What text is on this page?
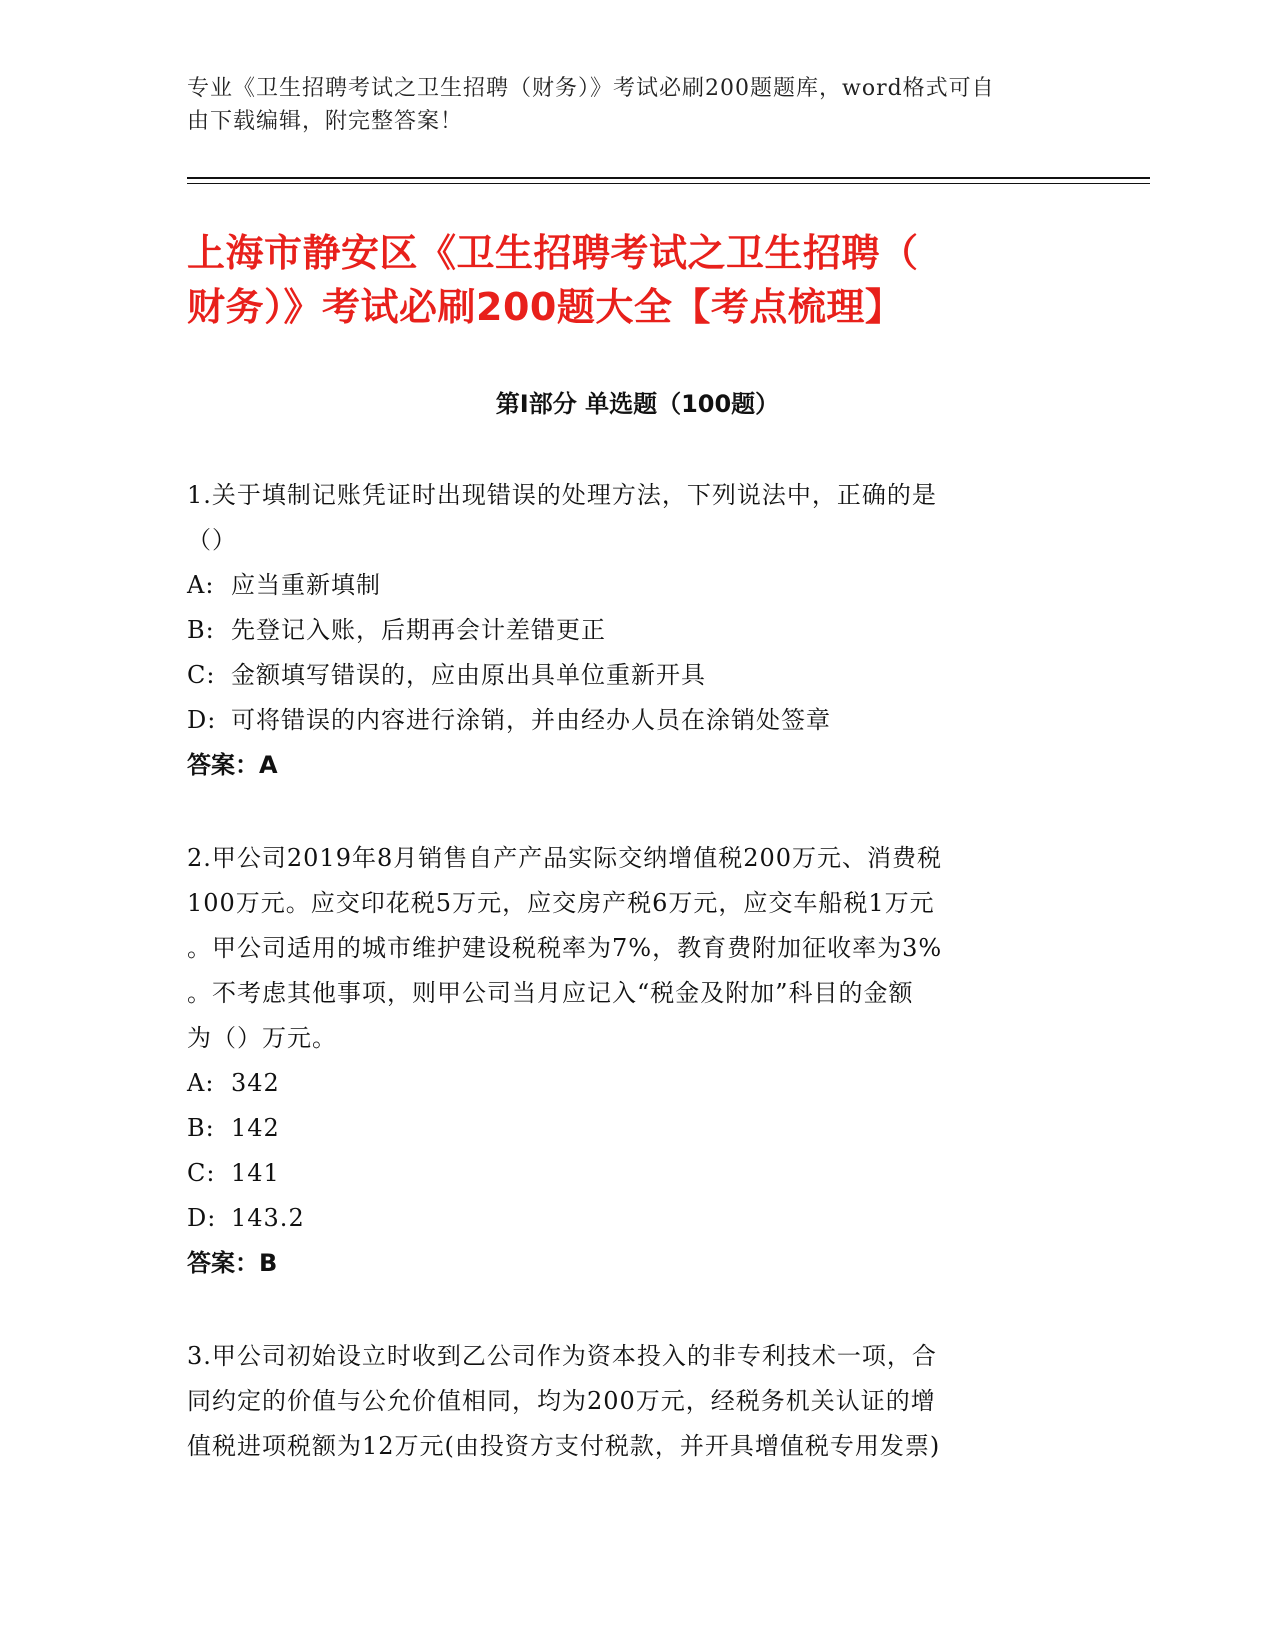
专业《卫生招聘考试之卫生招聘（财务）》考试必刷200题题库，word格式可自
由下载编辑，附完整答案！
上海市静安区《卫生招聘考试之卫生招聘（
财务）》考试必刷200题大全【考点梳理】
第I部分 单选题（100题）
1.关于填制记账凭证时出现错误的处理方法，下列说法中，正确的是
（）
A: 应当重新填制
B: 先登记入账，后期再会计差错更正
C: 金额填写错误的，应由原出具单位重新开具
D: 可将错误的内容进行涂销，并由经办人员在涂销处签章
答案：A
2.甲公司2019年8月销售自产产品实际交纳增值税200万元、消费税
100万元。应交印花税5万元，应交房产税6万元，应交车船税1万元
。甲公司适用的城市维护建设税税率为7%，教育费附加征收率为3%
。不考虑其他事项，则甲公司当月应记入“税金及附加”科目的金额
为（）万元。
A: 342
B: 142
C: 141
D: 143.2
答案：B
3.甲公司初始设立时收到乙公司作为资本投入的非专利技术一项，合
同约定的价值与公允价值相同，均为200万元，经税务机关认证的增
值税进项税额为12万元(由投资方支付税款，并开具增值税专用发票)
